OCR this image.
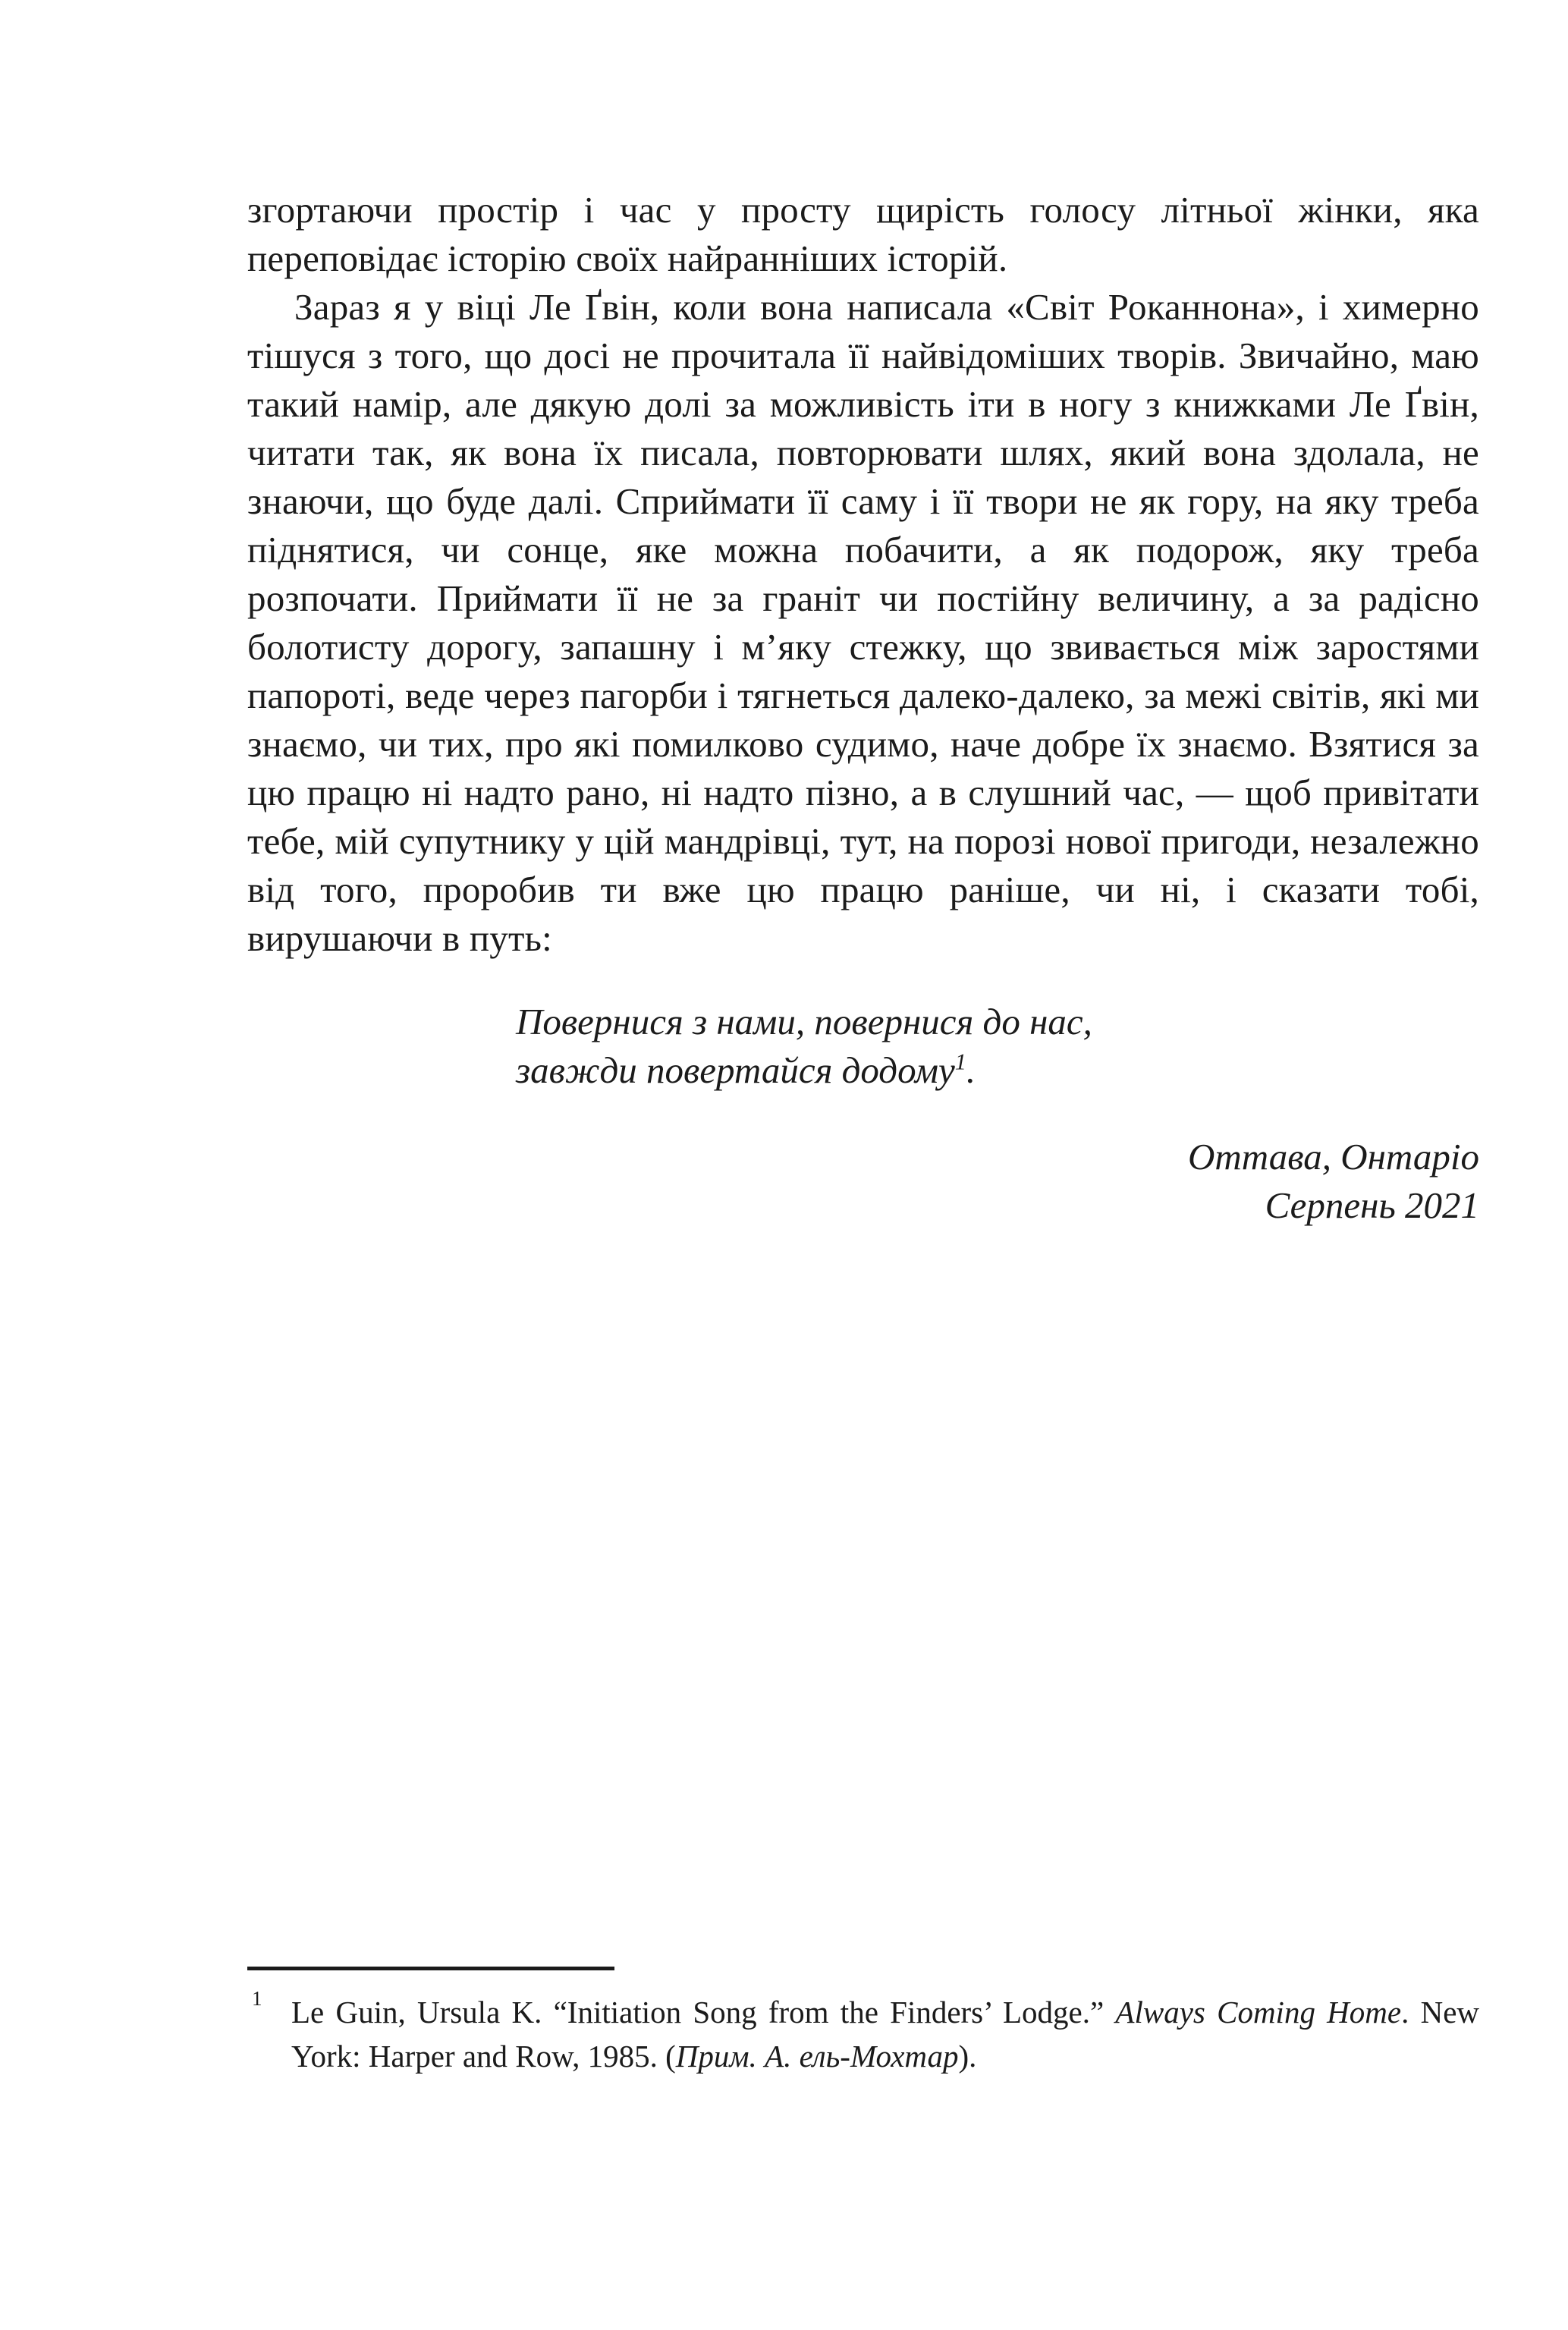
згортаючи простір і час у просту щирість голосу літньої жінки, яка переповідає історію своїх найранніших історій.

Зараз я у віці Ле Ґвін, коли вона написала «Світ Роканнона», і химерно тішуся з того, що досі не прочитала її найвідоміших творів. Звичайно, маю такий намір, але дякую долі за можливість іти в ногу з книжками Ле Ґвін, читати так, як вона їх писала, повторювати шлях, який вона здолала, не знаючи, що буде далі. Сприймати її саму і її твори не як гору, на яку треба піднятися, чи сонце, яке можна побачити, а як подорож, яку треба розпочати. Приймати її не за граніт чи постійну величину, а за радісно болотисту дорогу, запашну і м’яку стежку, що звивається між заростями папороті, веде через пагорби і тягнеться далеко-далеко, за межі світів, які ми знаємо, чи тих, про які помилково судимо, наче добре їх знаємо. Взятися за цю працю ні надто рано, ні надто пізно, а в слушний час, — щоб привітати тебе, мій супутнику у цій мандрівці, тут, на порозі нової пригоди, незалежно від того, проробив ти вже цю працю раніше, чи ні, і сказати тобі, вирушаючи в путь:

Повернися з нами, повернися до нас,
завжди повертайся додому$^1$.
Оттава, Онтаріо
Серпень 2021
1 Le Guin, Ursula K. “Initiation Song from the Finders’ Lodge.” Always Coming Home. New York: Harper and Row, 1985. (Прим. А. ель-Мохтар).
